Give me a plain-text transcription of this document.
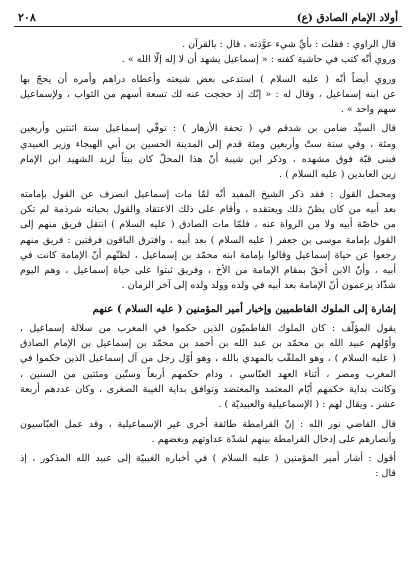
أولاد الإمام الصادق (ع)
٢٠٨

قال الراوي : فقلت : بأيِّ شيء عوَّذته ، قال : بالقرآن .
وروي أنّه كتب في حاشية كفنه : « إسماعيل يشهد أن لا إله إلّا الله » .

وروي أيضاً أنّه ( عليه السلام ) استدعى بعض شيعته وأعطاه دراهم وأمره أن يحجّ بها
عن ابنه إسماعيل ، وقال له : « إنّك إذ حججت عنه لك تسعة أسهم من الثواب ، ولإسماعيل
سهم واحد » .

قال السيِّد ضامن بن شدقم في ( تحفة الأزهار ) : توفّي إسماعيل سنة اثنتين وأربعين
ومئة ، وفي سنة ستّ وأربعين ومئة قدم إلى المدينة الحسين بن أبي الهيجاء وزير العبيدي
فبنى قبّة فوق مشهده ، وذكر ابن شيبة أنّ هذا المحلّ كان بيتاً لزيد الشهيد ابن الإمام
زين العابدين ( عليه السلام ) .

ومجمل القول : فقد ذكر الشيخ المفيد أنّه لمّا مات إسماعيل انصرف عن القول بإمامته
بعد أبيه من كان يظنّ ذلك ويعتقده ، وأقام على ذلك الاعتقاد والقول بحياته شرذمة لم تكن
من خاصّة أبيه ولا من الرواة عنه ، فلمّا مات الصادق ( عليه السلام ) انتقل فريق منهم إلى
القول بإمامة موسى بن جعفر ( عليه السلام ) بعد أبيه ، وافترق الباقون فرقتين : فريق منهم
رجعوا عن حياة إسماعيل وقالوا بإمامة ابنه محمّد بن إسماعيل ، لظنّهم أنّ الإمامة كانت في
أبيه ، وأنّ الابن أحقّ بمقام الإمامة من الأخ ، وفريق ثبتوا على حياة إسماعيل ، وهم اليوم
شذّاذ يزعمون أنّ الإمامة بعد أبيه في ولده وولد ولده إلى آخر الزمان .

إشارة إلى الملوك الفاطميين وإخبار أمير المؤمنين ( عليه السلام ) عنهم

يقول المؤلّف : كان الملوك الفاطميّون الذين حكموا في المغرب من سلالة إسماعيل ،
وأوّلهم عبيد الله بن محمّد بن عبد الله بن أحمد بن محمّد بن إسماعيل بن الإمام الصادق
( عليه السلام ) ، وهو الملقّب بالمهدي بالله ، وهو أوّل رجل من آل إسماعيل الذين حكموا في
المغرب ومصر ، أثناء العهد العبّاسي ، ودام حكمهم أربعاً وستّين ومئتين من السنين ،
وكانت بداية حكمهم أيّام المعتمد والمعتضد وتوافق بداية الغيبة الصغرى ، وكان عددهم أربعة
عشر ، ويقال لهم : ( الإسماعيلية والعبيديّة ) .

قال القاضي نور الله : إنّ القرامطة طائفة أخرى غير الإسماعيلية ، وقد عمل العبّاسيون
وأنصارهم على إدخال القرامطة بينهم لشدّة عداوتهم وبغضهم .

أقول : أشار أمير المؤمنين ( عليه السلام ) في أخباره الغيبيّة إلى عبيد الله المذكور ، إذ
قال :
